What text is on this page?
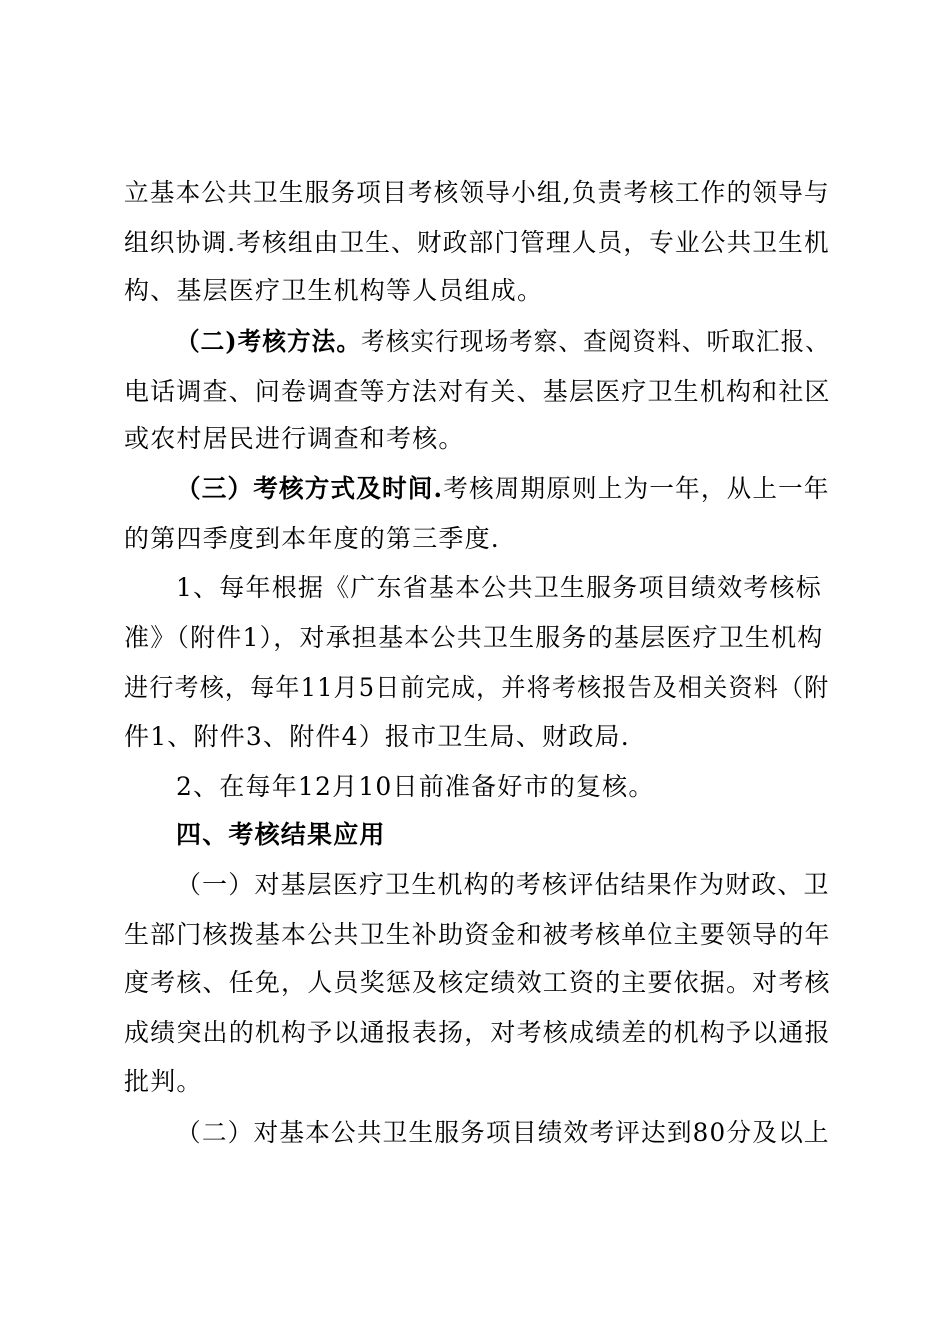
立基本公共卫生服务项目考核领导小组,负责考核工作的领导与
组织协调.考核组由卫生、财政部门管理人员，专业公共卫生机
构、基层医疗卫生机构等人员组成。
（二)考核方法。考核实行现场考察、查阅资料、听取汇报、
电话调查、问卷调查等方法对有关、基层医疗卫生机构和社区
或农村居民进行调查和考核。
（三）考核方式及时间.考核周期原则上为一年，从上一年
的第四季度到本年度的第三季度.
1、每年根据《广东省基本公共卫生服务项目绩效考核标
准》（附件1），对承担基本公共卫生服务的基层医疗卫生机构
进行考核，每年11月5日前完成，并将考核报告及相关资料（附
件1、附件3、附件4）报市卫生局、财政局.
2、在每年12月10日前准备好市的复核。
四、考核结果应用
（一）对基层医疗卫生机构的考核评估结果作为财政、卫
生部门核拨基本公共卫生补助资金和被考核单位主要领导的年
度考核、任免，人员奖惩及核定绩效工资的主要依据。对考核
成绩突出的机构予以通报表扬，对考核成绩差的机构予以通报
批判。
（二）对基本公共卫生服务项目绩效考评达到80分及以上
